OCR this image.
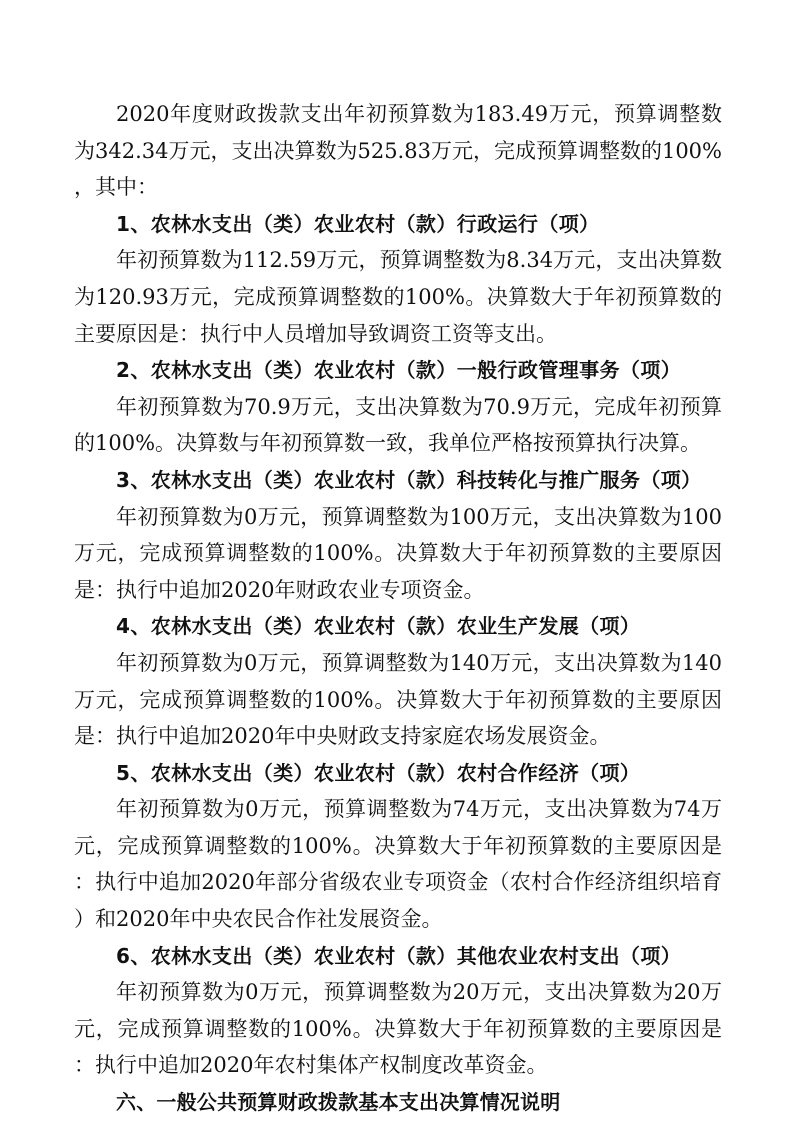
2020年度财政拨款支出年初预算数为183.49万元，预算调整数为342.34万元，支出决算数为525.83万元，完成预算调整数的100%，其中：

1、农林水支出（类）农业农村（款）行政运行（项）

年初预算数为112.59万元，预算调整数为8.34万元，支出决算数为120.93万元，完成预算调整数的100%。决算数大于年初预算数的主要原因是：执行中人员增加导致调资工资等支出。

2、农林水支出（类）农业农村（款）一般行政管理事务（项）

年初预算数为70.9万元，支出决算数为70.9万元，完成年初预算的100%。决算数与年初预算数一致，我单位严格按预算执行决算。

3、农林水支出（类）农业农村（款）科技转化与推广服务（项）

年初预算数为0万元，预算调整数为100万元，支出决算数为100万元，完成预算调整数的100%。决算数大于年初预算数的主要原因是：执行中追加2020年财政农业专项资金。

4、农林水支出（类）农业农村（款）农业生产发展（项）

年初预算数为0万元，预算调整数为140万元，支出决算数为140万元，完成预算调整数的100%。决算数大于年初预算数的主要原因是：执行中追加2020年中央财政支持家庭农场发展资金。

5、农林水支出（类）农业农村（款）农村合作经济（项）

年初预算数为0万元，预算调整数为74万元，支出决算数为74万元，完成预算调整数的100%。决算数大于年初预算数的主要原因是：执行中追加2020年部分省级农业专项资金（农村合作经济组织培育）和2020年中央农民合作社发展资金。

6、农林水支出（类）农业农村（款）其他农业农村支出（项）

年初预算数为0万元，预算调整数为20万元，支出决算数为20万元，完成预算调整数的100%。决算数大于年初预算数的主要原因是：执行中追加2020年农村集体产权制度改革资金。

六、一般公共预算财政拨款基本支出决算情况说明
